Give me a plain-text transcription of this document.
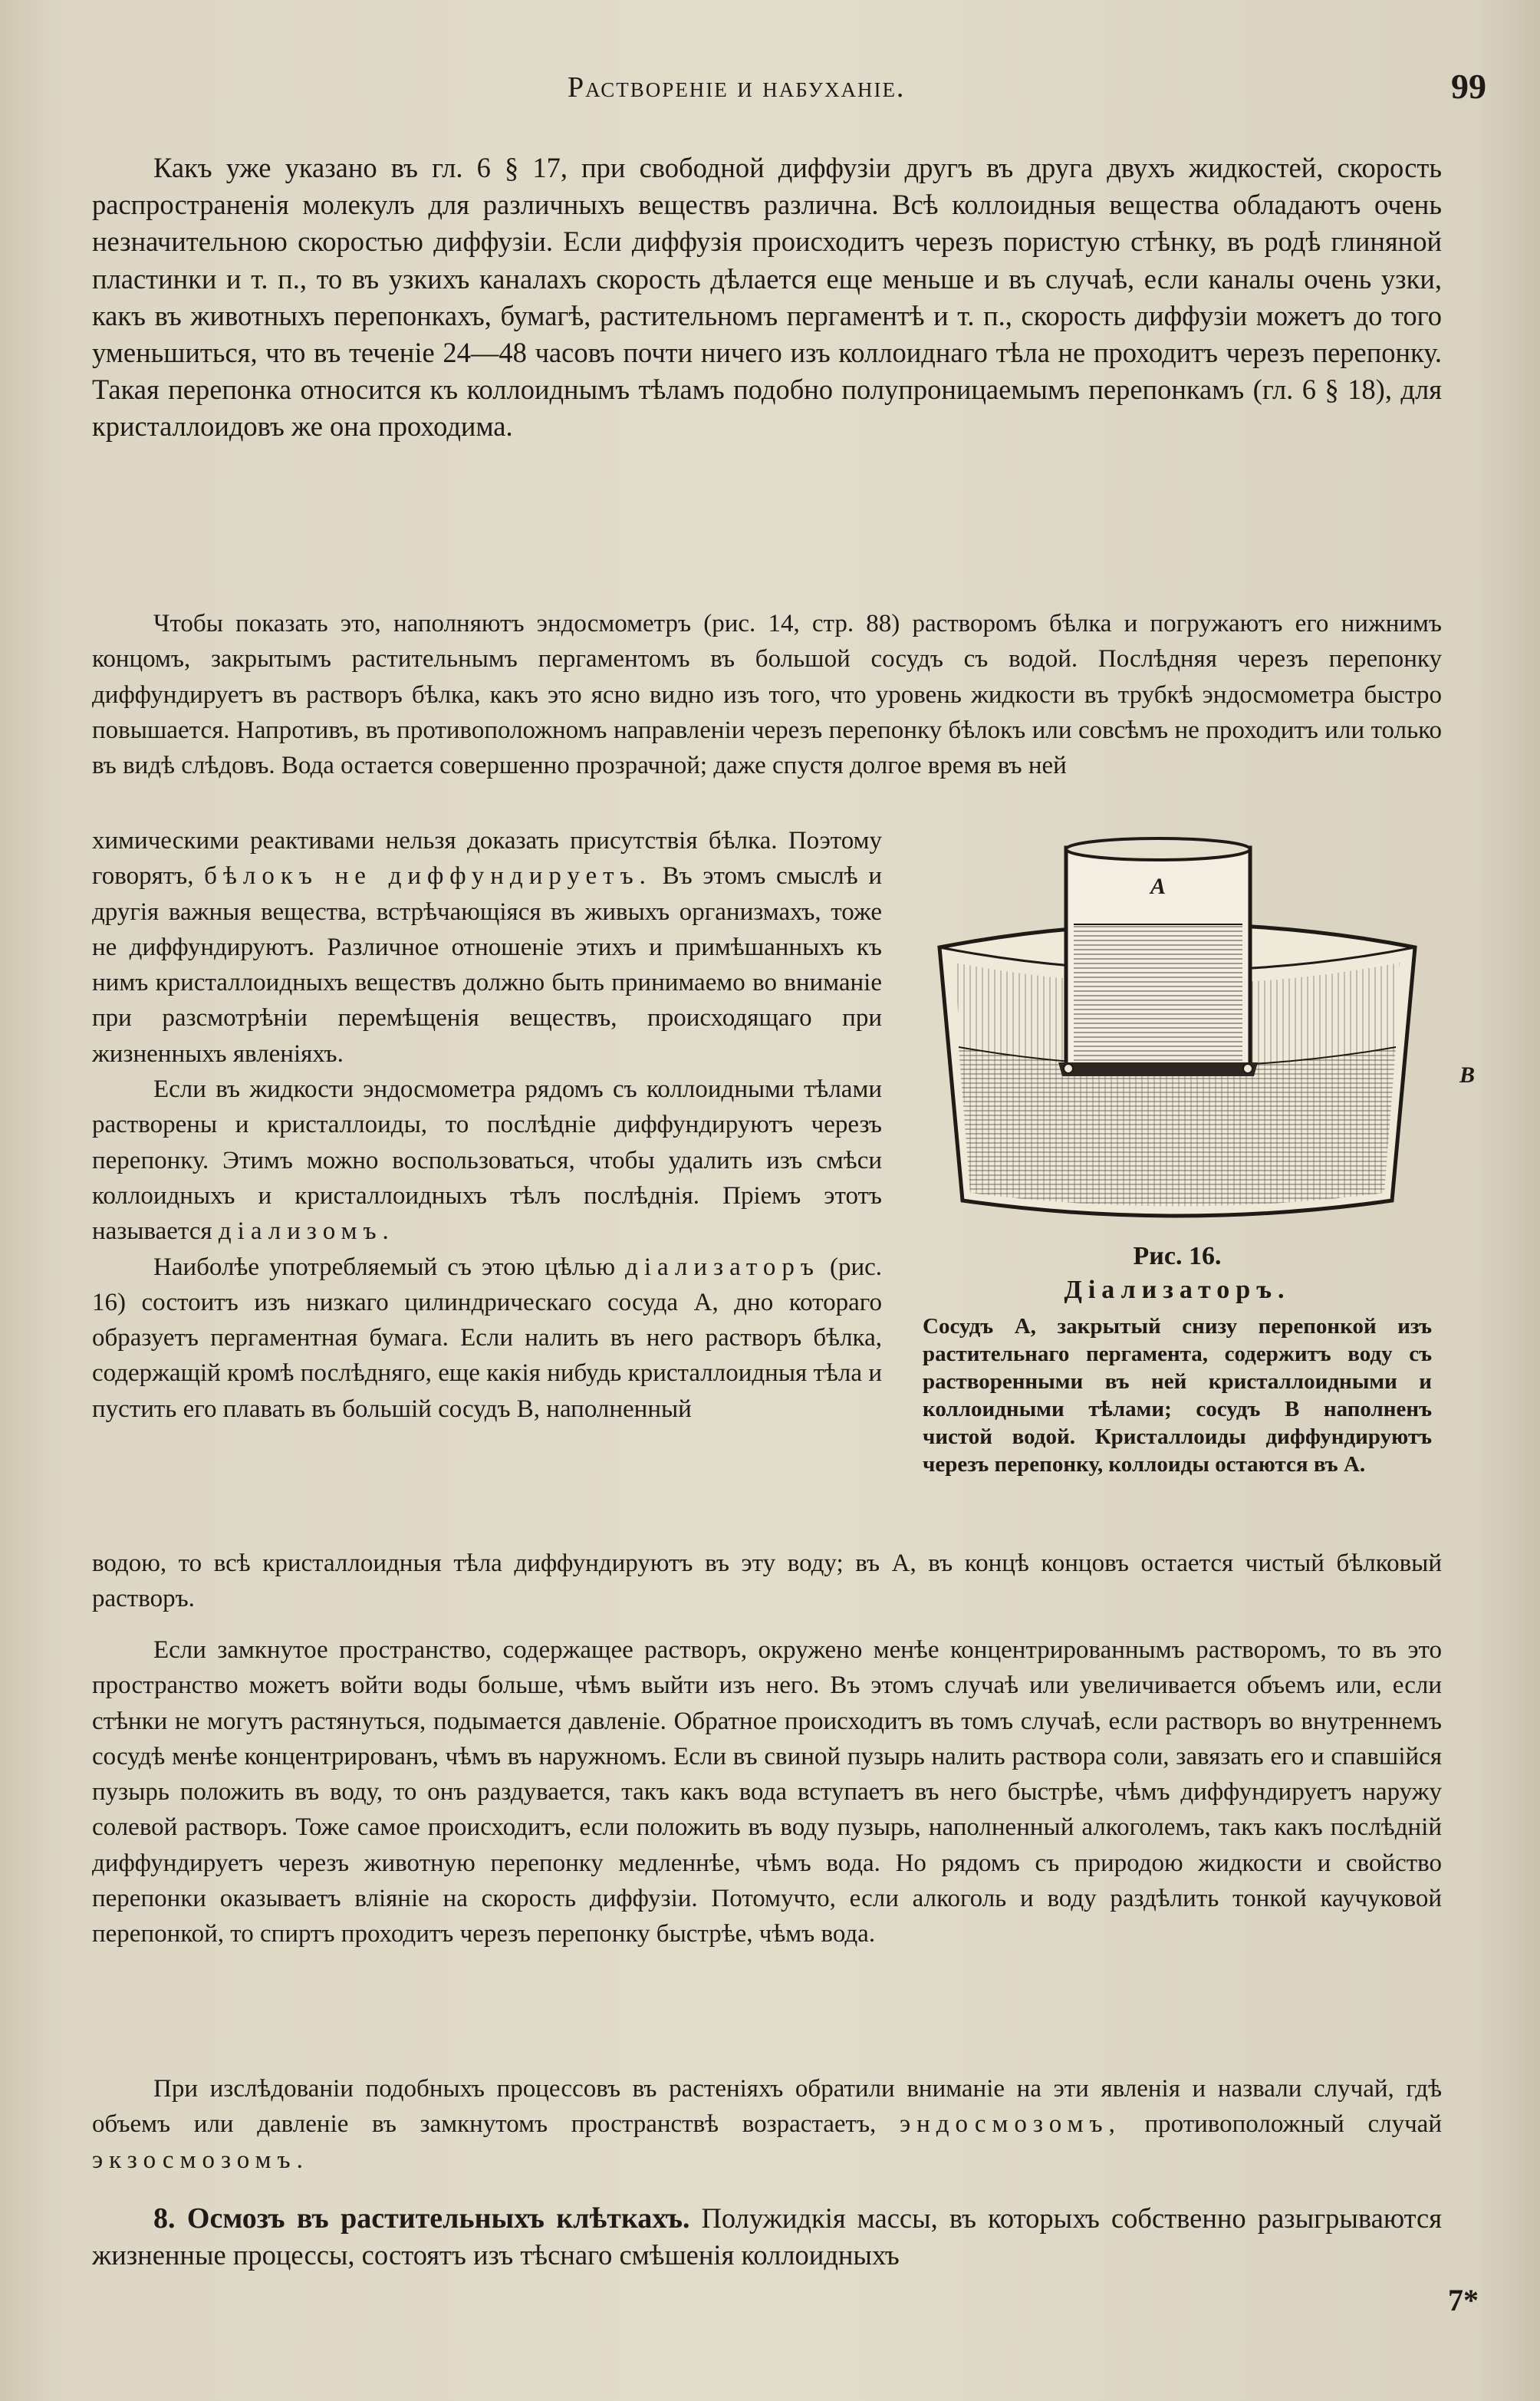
Растворенiе и набуханiе.	99

Какъ уже указано въ гл. 6 § 17, при свободной диффузiи другъ въ друга двухъ жидкостей, скорость распространенiя молекулъ для различныхъ веществъ различна. Всѣ коллоидныя вещества обладаютъ очень незначительною скоростью диффузiи. Если диффузiя происходитъ черезъ пористую стѣнку, въ родѣ глиняной пластинки и т. п., то въ узкихъ каналахъ скорость дѣлается еще меньше и въ случаѣ, если каналы очень узки, какъ въ животныхъ перепонкахъ, бумагѣ, растительномъ пергаментѣ и т. п., скорость диффузiи можетъ до того уменьшиться, что въ теченiе 24—48 часовъ почти ничего изъ коллоиднаго тѣла не проходитъ черезъ перепонку. Такая перепонка относится къ коллоиднымъ тѣламъ подобно полупроницаемымъ перепонкамъ (гл. 6 § 18), для кристаллоидовъ же она проходима.

Чтобы показать это, наполняютъ эндосмометръ (рис. 14, стр. 88) растворомъ бѣлка и погружаютъ его нижнимъ концомъ, закрытымъ растительнымъ пергаментомъ въ большой сосудъ съ водой. Послѣдняя черезъ перепонку диффундируетъ въ растворъ бѣлка, какъ это ясно видно изъ того, что уровень жидкости въ трубкѣ эндосмометра быстро повышается. Напротивъ, въ противоположномъ направленiи черезъ перепонку бѣлокъ или совсѣмъ не проходитъ или только въ видѣ слѣдовъ. Вода остается совершенно прозрачной; даже спустя долгое время въ ней

химическими реактивами нельзя доказать присутствiя бѣлка. Поэтому говорятъ, бѣлокъ не диффундируетъ. Въ этомъ смыслѣ и другiя важныя вещества, встрѣчающiяся въ живыхъ организмахъ, тоже не диффундируютъ. Различное отношенiе этихъ и примѣшанныхъ къ нимъ кристаллоидныхъ веществъ должно быть принимаемо во вниманiе при разсмотрѣнiи перемѣщенiя веществъ, происходящаго при жизненныхъ явленiяхъ.

Если въ жидкости эндосмометра рядомъ съ коллоидными тѣлами растворены и кристаллоиды, то послѣднiе диффундируютъ черезъ перепонку. Этимъ можно воспользоваться, чтобы удалить изъ смѣси коллоидныхъ и кристаллоидныхъ тѣлъ послѣднiя. Прiемъ этотъ называется дiализомъ.

Наиболѣе употребляемый съ этою цѣлью дiализаторъ (рис. 16) состоитъ изъ низкаго цилиндрическаго сосуда А, дно котораго образуетъ пергаментная бумага. Если налить въ него растворъ бѣлка, содержащiй кромѣ послѣдняго, еще какiя нибудь кристаллоидныя тѣла и пустить его плавать въ большiй сосудъ В, наполненный

водою, то всѣ кристаллоидныя тѣла диффундируютъ въ эту воду; въ А, въ концѣ концовъ остается чистый бѣлковый растворъ.

A
B
Рис. 16.
Дiализаторъ.
Сосудъ А, закрытый снизу перепонкой изъ растительнаго пергамента, содержитъ воду съ растворенными въ ней кристаллоидными и коллоидными тѣлами; сосудъ В наполненъ чистой водой. Кристаллоиды диффундируютъ черезъ перепонку, коллоиды остаются въ А.

Если замкнутое пространство, содержащее растворъ, окружено менѣе концентрированнымъ растворомъ, то въ это пространство можетъ войти воды больше, чѣмъ выйти изъ него. Въ этомъ случаѣ или увеличивается объемъ или, если стѣнки не могутъ растянуться, подымается давленiе. Обратное происходитъ въ томъ случаѣ, если растворъ во внутреннемъ сосудѣ менѣе концентрированъ, чѣмъ въ наружномъ. Если въ свиной пузырь налить раствора соли, завязать его и спавшiйся пузырь положить въ воду, то онъ раздувается, такъ какъ вода вступаетъ въ него быстрѣе, чѣмъ диффундируетъ наружу солевой растворъ. Тоже самое происходитъ, если положить въ воду пузырь, наполненный алкоголемъ, такъ какъ послѣднiй диффундируетъ черезъ животную перепонку медленнѣе, чѣмъ вода. Но рядомъ съ природою жидкости и свойство перепонки оказываетъ влiянiе на скорость диффузiи. Потомучто, если алкоголь и воду раздѣлить тонкой каучуковой перепонкой, то спиртъ проходитъ черезъ перепонку быстрѣе, чѣмъ вода.

При изслѣдованiи подобныхъ процессовъ въ растенiяхъ обратили вниманiе на эти явленiя и назвали случай, гдѣ объемъ или давленiе въ замкнутомъ пространствѣ возрастаетъ, эндосмозомъ, противоположный случай экзосмозомъ.

8. Осмозъ въ растительныхъ клѣткахъ. Полужидкiя массы, въ которыхъ собственно разыгрываются жизненные процессы, состоятъ изъ тѣснаго смѣшенiя коллоидныхъ

7*
